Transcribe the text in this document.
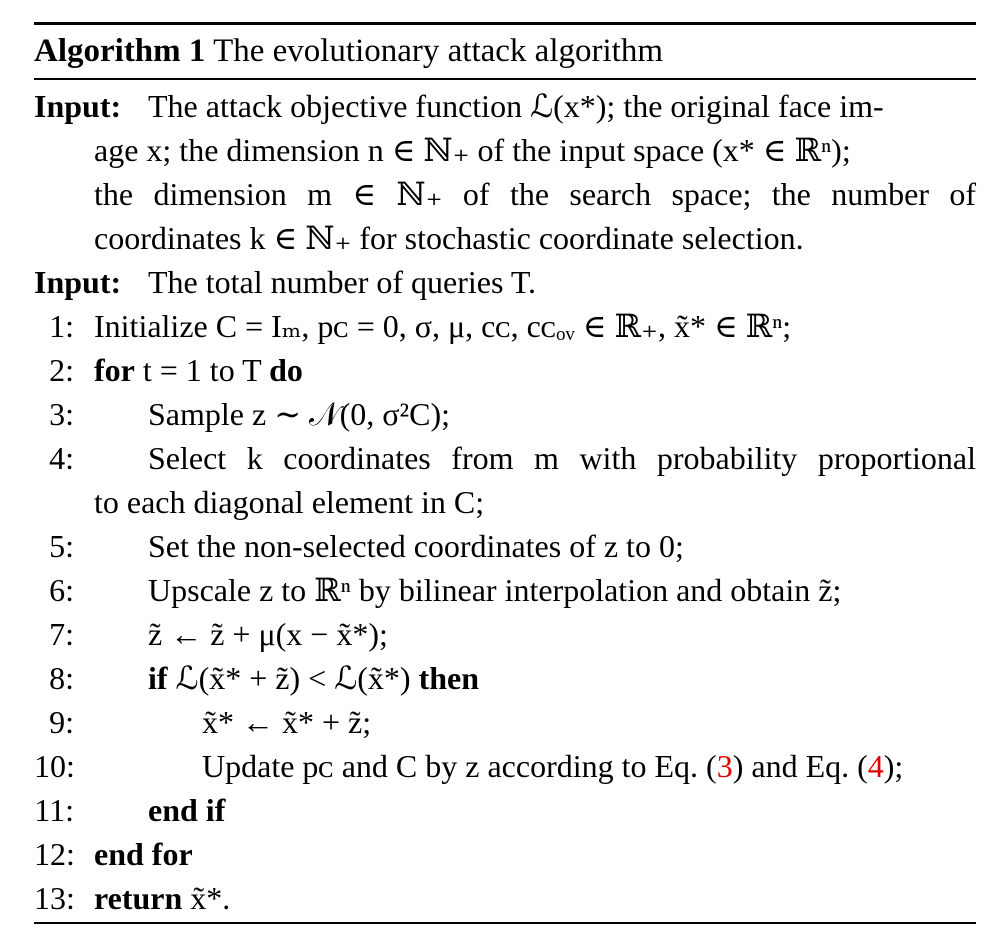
Algorithm 1 The evolutionary attack algorithm
Input: The attack objective function ℒ(x*); the original face im-
age x; the dimension n ∈ ℕ₊ of the input space (x* ∈ ℝⁿ);
the dimension m ∈ ℕ₊ of the search space; the number of
coordinates k ∈ ℕ₊ for stochastic coordinate selection.
Input: The total number of queries T.
1: Initialize C = Iₘ, pᴄ = 0, σ, μ, cᴄ, cᴄₒᵥ ∈ ℝ₊, x̃* ∈ ℝⁿ;
2: for t = 1 to T do
3: Sample z ∼ 𝒩(0, σ²C);
4: Select k coordinates from m with probability proportional
to each diagonal element in C;
5: Set the non-selected coordinates of z to 0;
6: Upscale z to ℝⁿ by bilinear interpolation and obtain z̃;
7: z̃ ← z̃ + μ(x − x̃*);
8: if ℒ(x̃* + z̃) < ℒ(x̃*) then
9:	x̃* ← x̃* + z̃;
10:	Update pᴄ and C by z according to Eq. (3) and Eq. (4);
11: end if
12: end for
13: return x̃*.
